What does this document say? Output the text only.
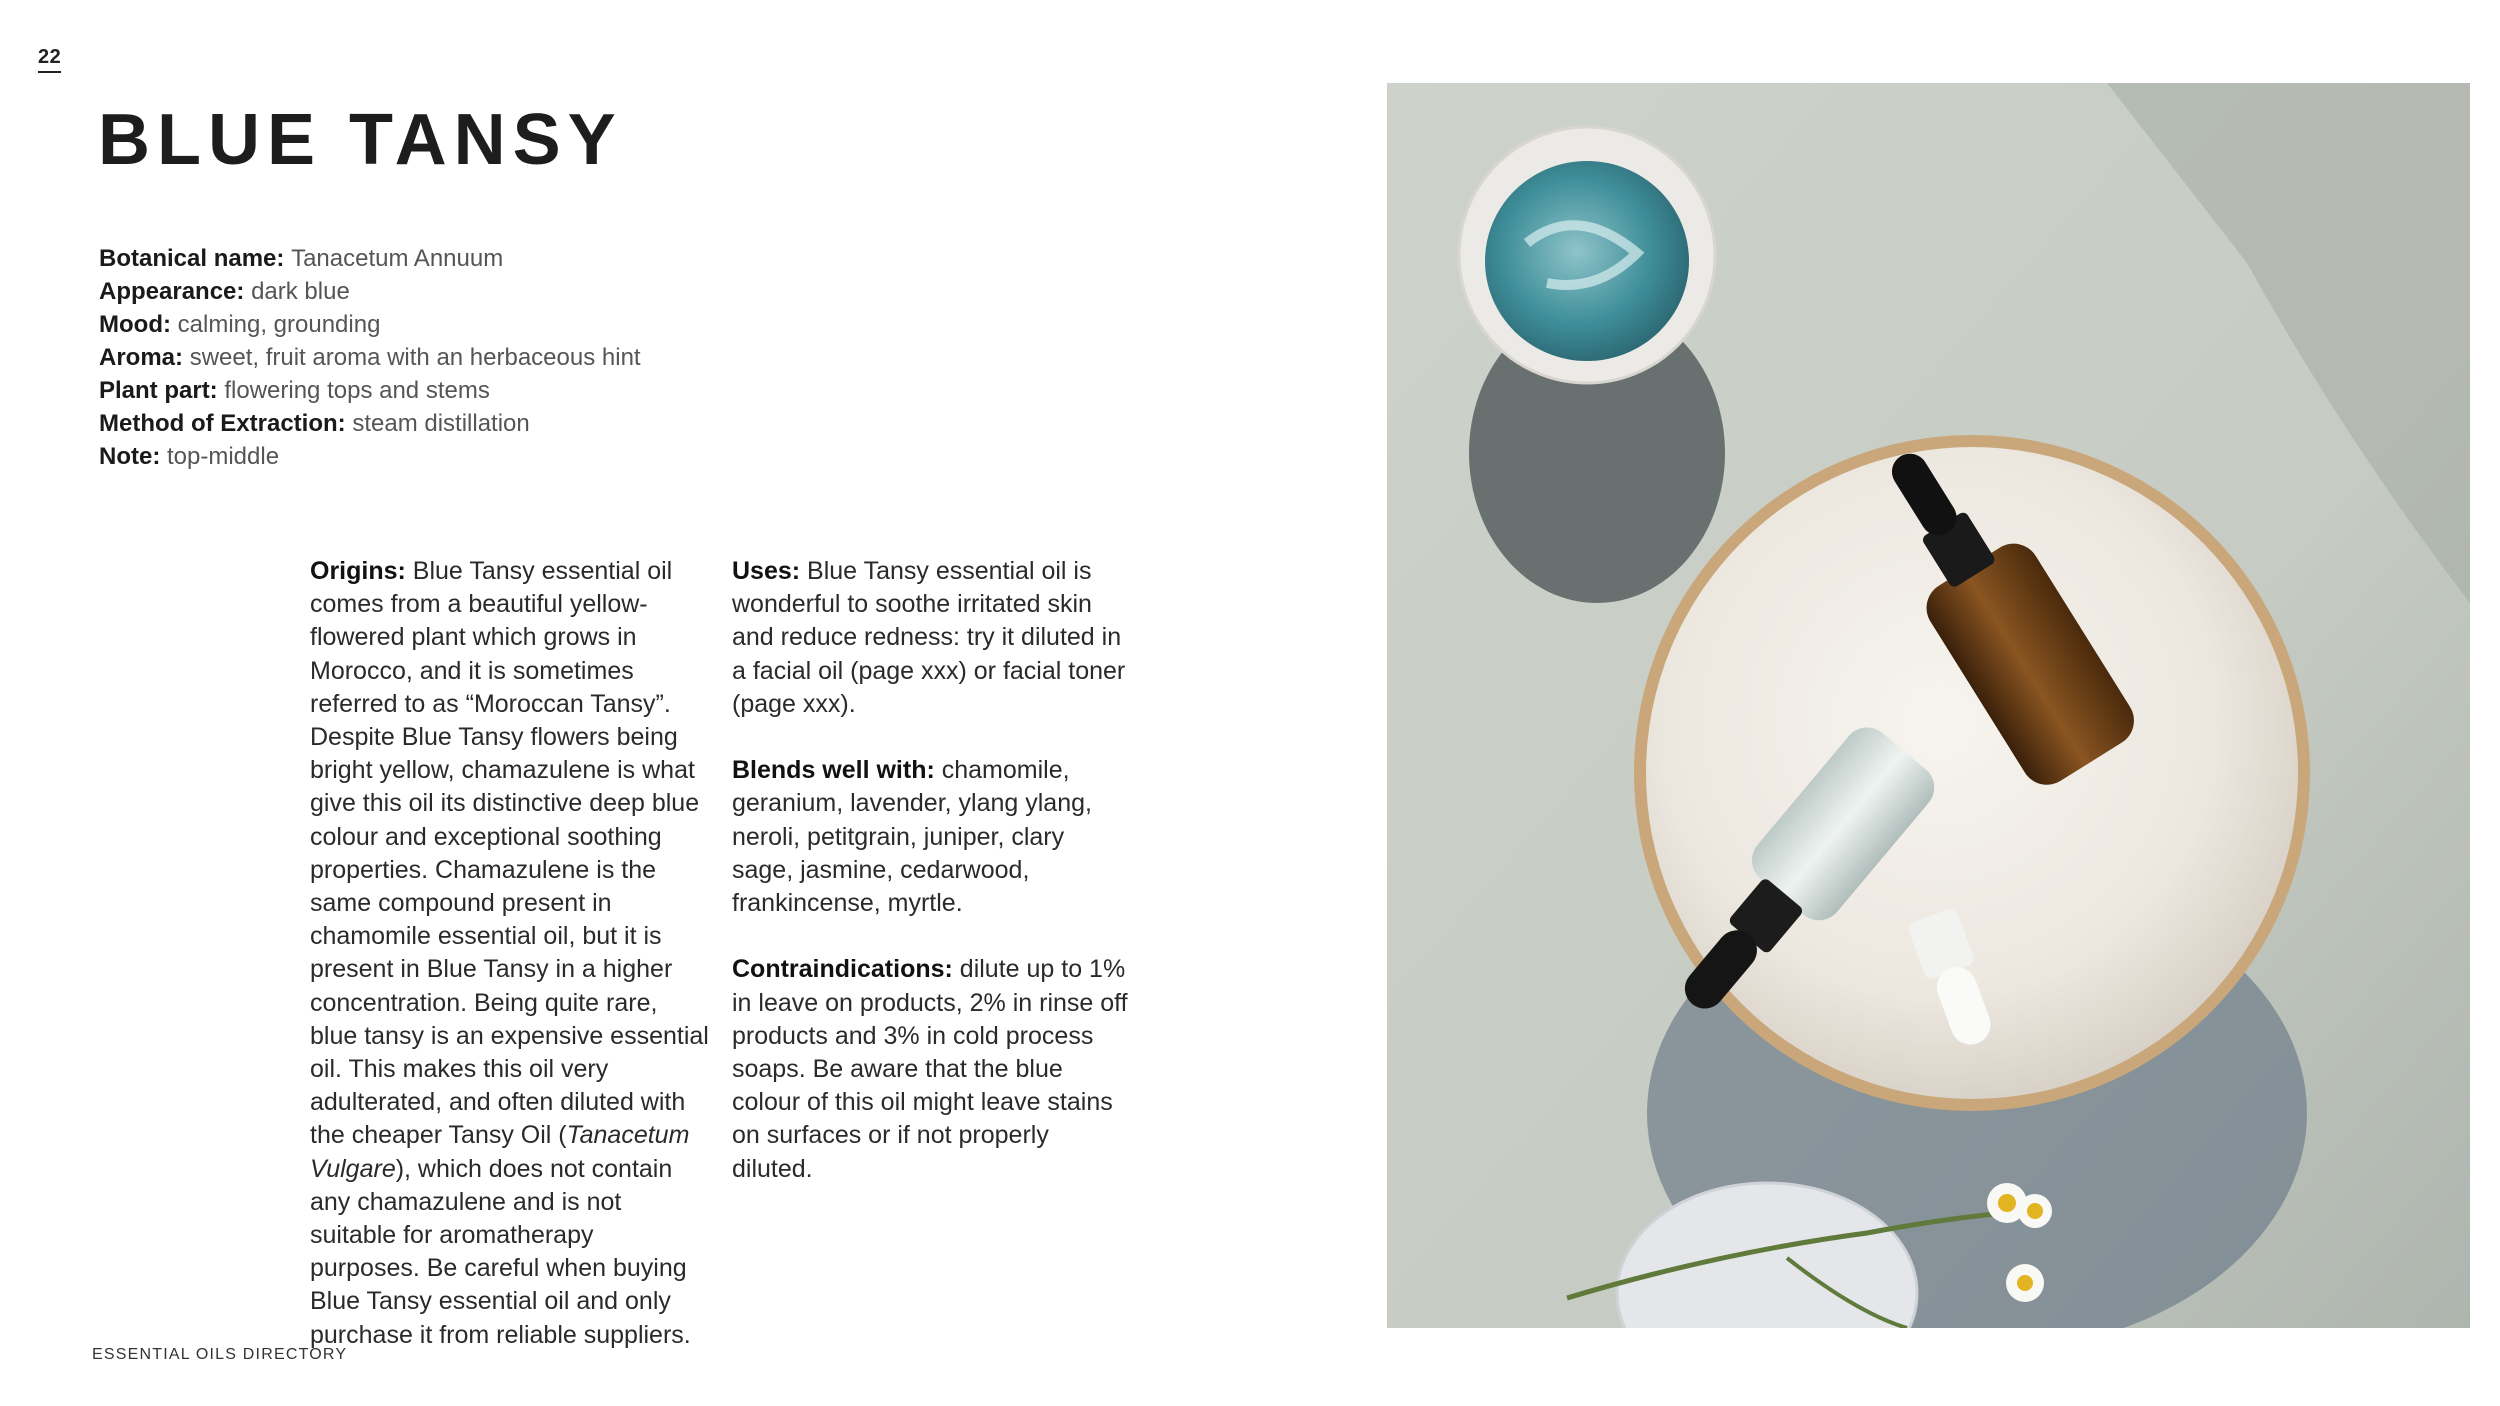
22
BLUE TANSY
Botanical name: Tanacetum Annuum
Appearance: dark blue
Mood: calming, grounding
Aroma: sweet, fruit aroma with an herbaceous hint
Plant part: flowering tops and stems
Method of Extraction: steam distillation
Note: top-middle

Origins: Blue Tansy essential oil comes from a beautiful yellow-flowered plant which grows in Morocco, and it is sometimes referred to as “Moroccan Tansy”. Despite Blue Tansy flowers being bright yellow, chamazulene is what give this oil its distinctive deep blue colour and exceptional soothing properties. Chamazulene is the same compound present in chamomile essential oil, but it is present in Blue Tansy in a higher concentration. Being quite rare, blue tansy is an expensive essential oil. This makes this oil very adulterated, and often diluted with the cheaper Tansy Oil (Tanacetum Vulgare), which does not contain any chamazulene and is not suitable for aromatherapy purposes. Be careful when buying Blue Tansy essential oil and only purchase it from reliable suppliers.

Uses: Blue Tansy essential oil is wonderful to soothe irritated skin and reduce redness: try it diluted in a facial oil (page xxx) or facial toner (page xxx).

Blends well with: chamomile, geranium, lavender, ylang ylang, neroli, petitgrain, juniper, clary sage, jasmine, cedarwood, frankincense, myrtle.

Contraindications: dilute up to 1% in leave on products, 2% in rinse off products and 3% in cold process soaps. Be aware that the blue colour of this oil might leave stains on surfaces or if not properly diluted.

ESSENTIAL OILS DIRECTORY
